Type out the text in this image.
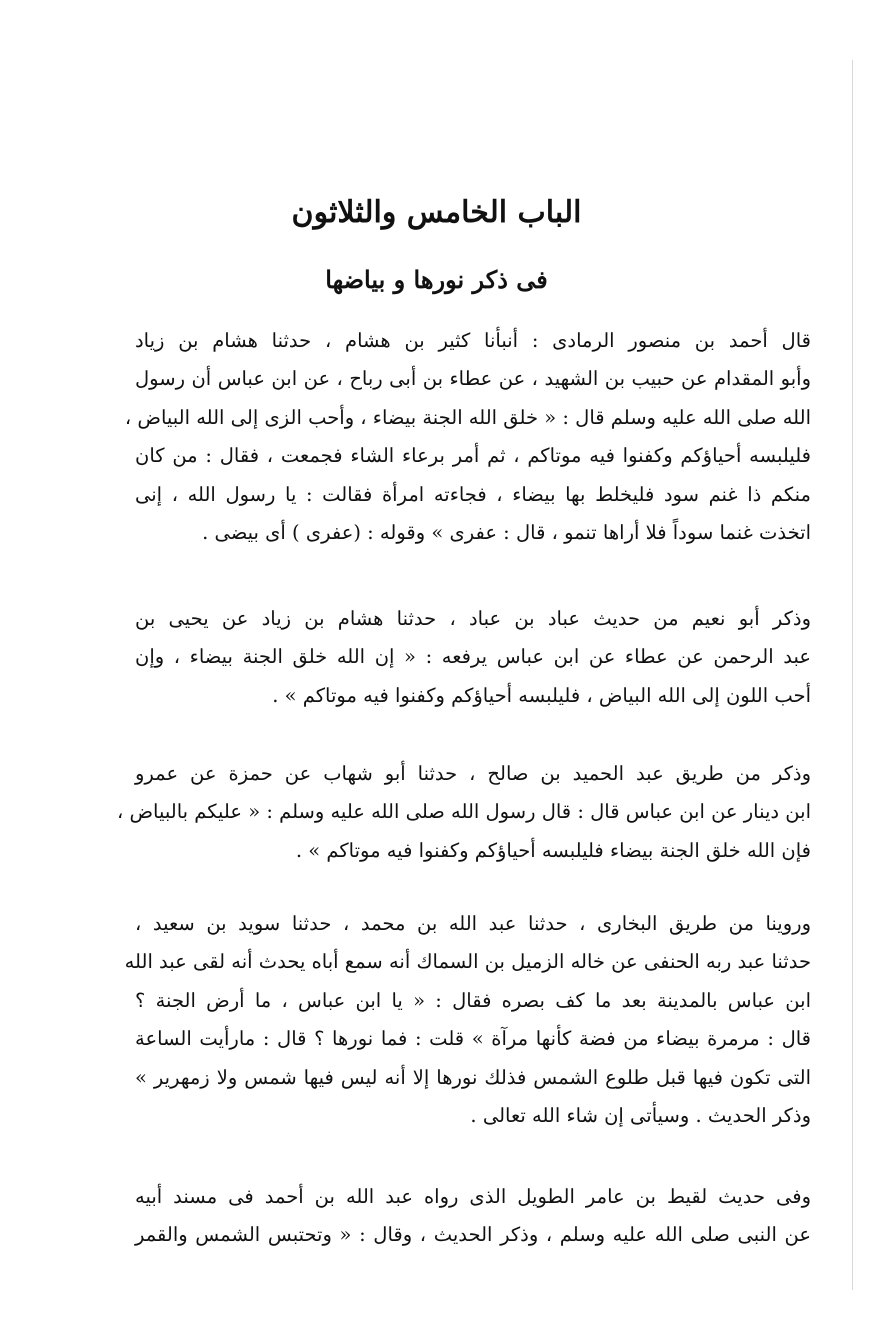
الباب الخامس والثلاثون
فى ذكر نورها و بياضها
قال أحمد بن منصور الرمادى : أنبأنا كثير بن هشام ، حدثنا هشام بن زياد
وأبو المقدام عن حبيب بن الشهيد ، عن عطاء بن أبى رباح ، عن ابن عباس أن رسول
الله صلى الله عليه وسلم قال : « خلق الله الجنة بيضاء ، وأحب الزى إلى الله البياض ،
فليلبسه أحياؤكم وكفنوا فيه موتاكم ، ثم أمر برعاء الشاء فجمعت ، فقال : من كان
منكم ذا غنم سود فليخلط بها بيضاء ، فجاءته امرأة فقالت : يا رسول الله ، إنى
اتخذت غنما سوداً فلا أراها تنمو ، قال : عفرى » وقوله : (عفرى ) أى بيضى .
وذكر أبو نعيم من حديث عباد بن عباد ، حدثنا هشام بن زياد عن يحيى بن
عبد الرحمن عن عطاء عن ابن عباس يرفعه : « إن الله خلق الجنة بيضاء ، وإن
أحب اللون إلى الله البياض ، فليلبسه أحياؤكم وكفنوا فيه موتاكم » .
وذكر من طريق عبد الحميد بن صالح ، حدثنا أبو شهاب عن حمزة عن عمرو
ابن دينار عن ابن عباس قال : قال رسول الله صلى الله عليه وسلم : « عليكم بالبياض ،
فإن الله خلق الجنة بيضاء فليلبسه أحياؤكم وكفنوا فيه موتاكم » .
وروينا من طريق البخارى ، حدثنا عبد الله بن محمد ، حدثنا سويد بن سعيد ،
حدثنا عبد ربه الحنفى عن خاله الزميل بن السماك أنه سمع أباه يحدث أنه لقى عبد الله
ابن عباس بالمدينة بعد ما كف بصره فقال : « يا ابن عباس ، ما أرض الجنة ؟
قال : مرمرة بيضاء من فضة كأنها مرآة » قلت : فما نورها ؟ قال : مارأيت الساعة
التى تكون فيها قبل طلوع الشمس فذلك نورها إلا أنه ليس فيها شمس ولا زمهرير »
وذكر الحديث . وسيأتى إن شاء الله تعالى .
وفى حديث لقيط بن عامر الطويل الذى رواه عبد الله بن أحمد فى مسند أبيه
عن النبى صلى الله عليه وسلم ، وذكر الحديث ، وقال : « وتحتبس الشمس والقمر
